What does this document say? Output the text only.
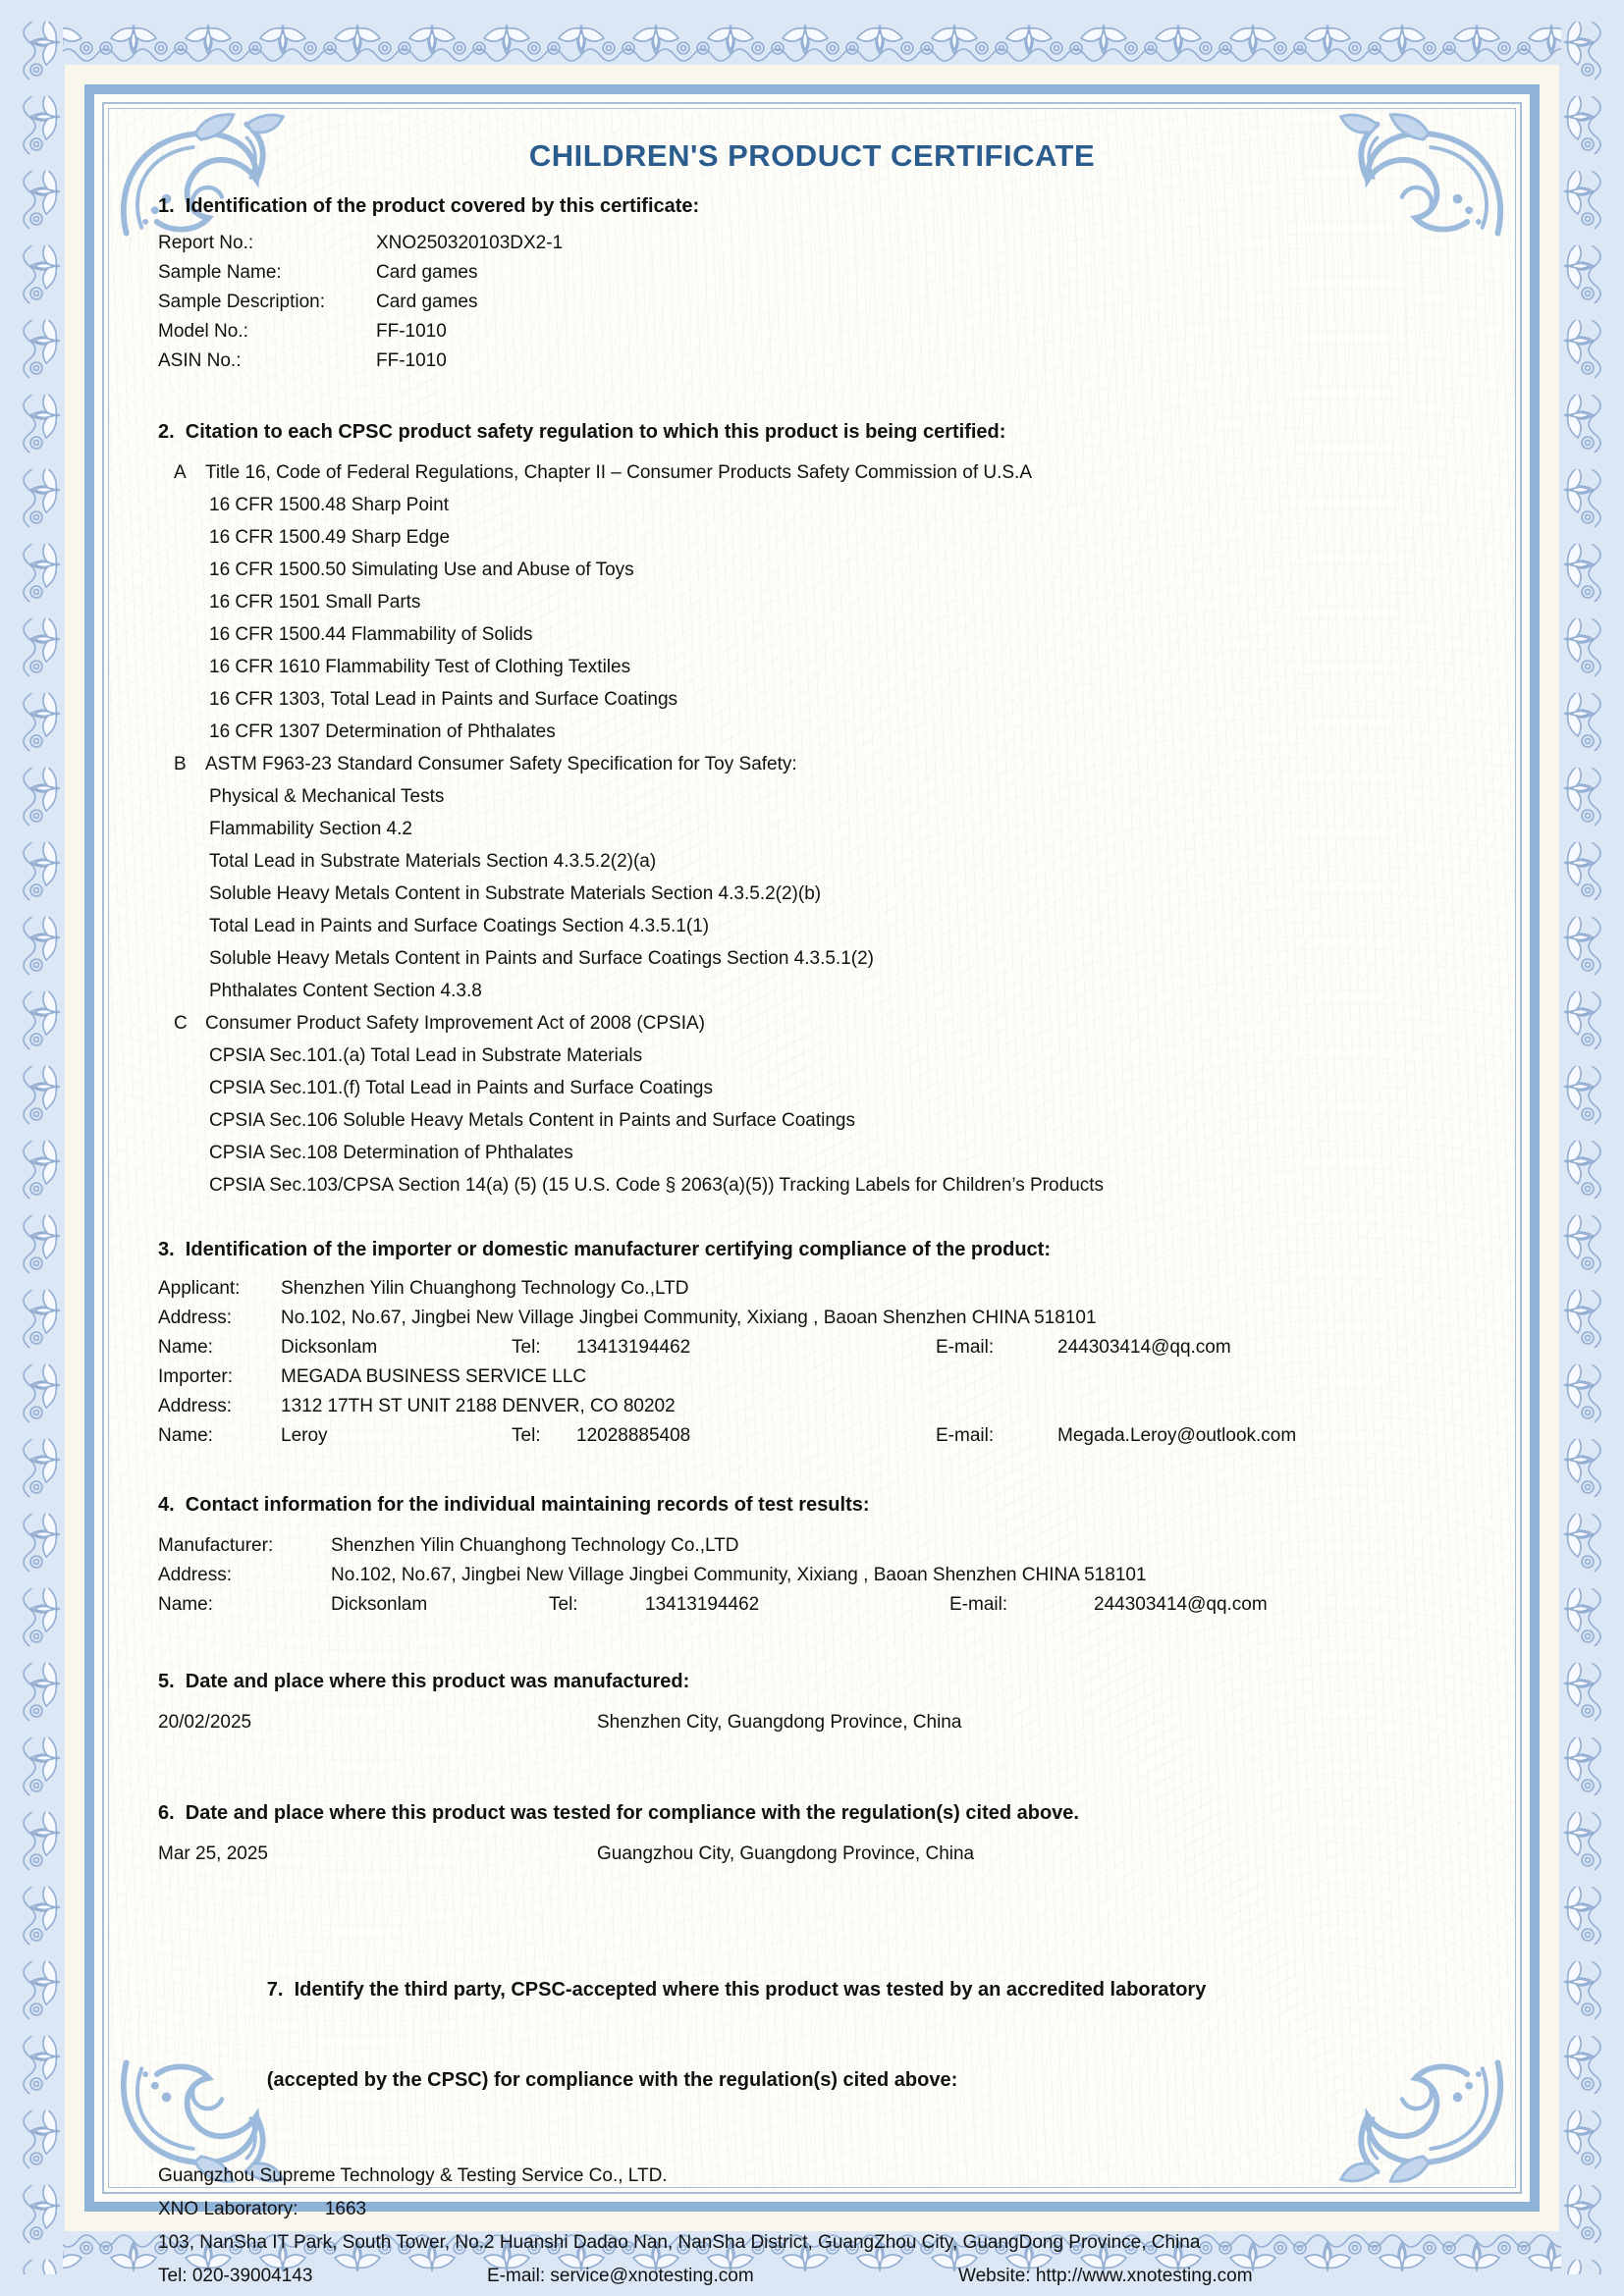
CHILDREN'S PRODUCT CERTIFICATE
1.  Identification of the product covered by this certificate:
Report No.:	XNO250320103DX2-1
Sample Name:	Card games
Sample Description:	Card games
Model No.:	FF-1010
ASIN No.:	FF-1010
2.  Citation to each CPSC product safety regulation to which this product is being certified:
A	Title 16, Code of Federal Regulations, Chapter II – Consumer Products Safety Commission of U.S.A
16 CFR 1500.48 Sharp Point
16 CFR 1500.49 Sharp Edge
16 CFR 1500.50 Simulating Use and Abuse of Toys
16 CFR 1501 Small Parts
16 CFR 1500.44 Flammability of Solids
16 CFR 1610 Flammability Test of Clothing Textiles
16 CFR 1303, Total Lead in Paints and Surface Coatings
16 CFR 1307 Determination of Phthalates
B	ASTM F963-23 Standard Consumer Safety Specification for Toy Safety:
Physical & Mechanical Tests
Flammability Section 4.2
Total Lead in Substrate Materials Section 4.3.5.2(2)(a)
Soluble Heavy Metals Content in Substrate Materials Section 4.3.5.2(2)(b)
Total Lead in Paints and Surface Coatings Section 4.3.5.1(1)
Soluble Heavy Metals Content in Paints and Surface Coatings Section 4.3.5.1(2)
Phthalates Content Section 4.3.8
C Consumer Product Safety Improvement Act of 2008 (CPSIA)
CPSIA Sec.101.(a) Total Lead in Substrate Materials
CPSIA Sec.101.(f) Total Lead in Paints and Surface Coatings
CPSIA Sec.106 Soluble Heavy Metals Content in Paints and Surface Coatings
CPSIA Sec.108 Determination of Phthalates
CPSIA Sec.103/CPSA Section 14(a) (5) (15 U.S. Code § 2063(a)(5)) Tracking Labels for Children’s Products
3.  Identification of the importer or domestic manufacturer certifying compliance of the product:
Applicant:	Shenzhen Yilin Chuanghong Technology Co.,LTD
Address:	No.102, No.67, Jingbei New Village Jingbei Community, Xixiang , Baoan Shenzhen CHINA 518101
Name:	Dicksonlam	Tel:	13413194462	E-mail:	244303414@qq.com
Importer:	MEGADA BUSINESS SERVICE LLC
Address:	1312 17TH ST UNIT 2188 DENVER, CO 80202
Name:	Leroy	Tel:	12028885408	E-mail:	Megada.Leroy@outlook.com
4.  Contact information for the individual maintaining records of test results:
Manufacturer:	Shenzhen Yilin Chuanghong Technology Co.,LTD
Address:	No.102, No.67, Jingbei New Village Jingbei Community, Xixiang , Baoan Shenzhen CHINA 518101
Name:	Dicksonlam	Tel:	13413194462	E-mail:	244303414@qq.com
5.  Date and place where this product was manufactured:
20/02/2025	Shenzhen City, Guangdong Province, China
6.  Date and place where this product was tested for compliance with the regulation(s) cited above.
Mar 25, 2025	Guangzhou City, Guangdong Province, China

7.  Identify the third party, CPSC-accepted where this product was tested by an accredited laboratory

(accepted by the CPSC) for compliance with the regulation(s) cited above:

Guangzhou Supreme Technology & Testing Service Co., LTD.
XNO Laboratory: 1663
103, NanSha IT Park, South Tower, No.2 Huanshi Dadao Nan, NanSha District, GuangZhou City, GuangDong Province, China
Tel: 020-39004143	E-mail: service@xnotesting.com	Website: http://www.xnotesting.com
